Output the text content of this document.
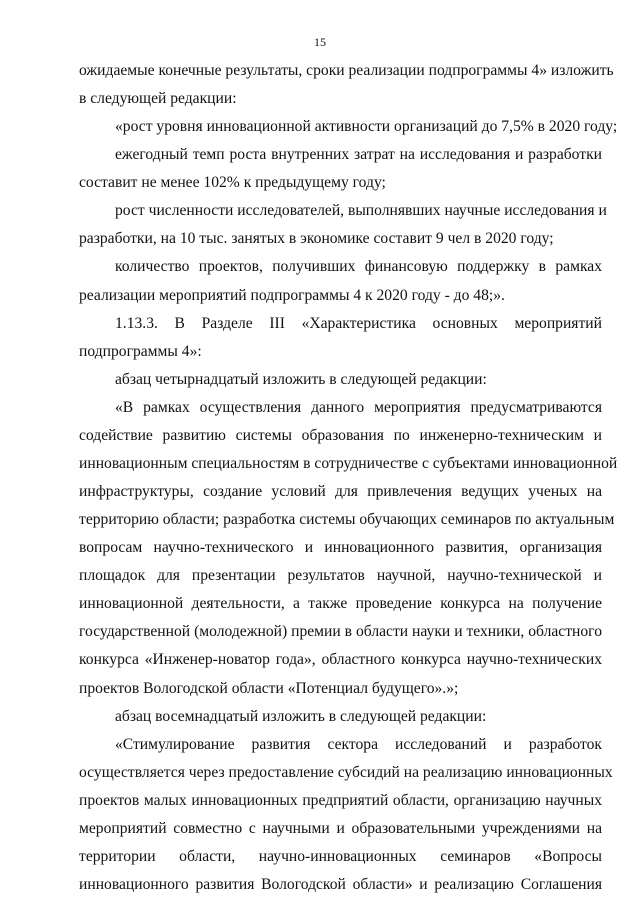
15
ожидаемые конечные результаты, сроки реализации подпрограммы 4» изложить
в следующей редакции:
«рост уровня инновационной активности организаций до 7,5% в 2020 году;
ежегодный темп роста внутренних затрат на исследования и разработки
составит не менее 102% к предыдущему году;
рост численности исследователей, выполнявших научные исследования и
разработки, на 10 тыс. занятых в экономике составит 9 чел в 2020 году;
количество проектов, получивших финансовую поддержку в рамках
реализации мероприятий подпрограммы 4 к 2020 году - до 48;».
1.13.3. В Разделе III «Характеристика основных мероприятий
подпрограммы 4»:
абзац четырнадцатый изложить в следующей редакции:
«В рамках осуществления данного мероприятия предусматриваются
содействие развитию системы образования по инженерно-техническим и
инновационным специальностям в сотрудничестве с субъектами инновационной
инфраструктуры, создание условий для привлечения ведущих ученых на
территорию области; разработка системы обучающих семинаров по актуальным
вопросам научно-технического и инновационного развития, организация
площадок для презентации результатов научной, научно-технической и
инновационной деятельности, а также проведение конкурса на получение
государственной (молодежной) премии в области науки и техники, областного
конкурса «Инженер-новатор года», областного конкурса научно-технических
проектов Вологодской области «Потенциал будущего».»;
абзац восемнадцатый изложить в следующей редакции:
«Стимулирование развития сектора исследований и разработок
осуществляется через предоставление субсидий на реализацию инновационных
проектов малых инновационных предприятий области, организацию научных
мероприятий совместно с научными и образовательными учреждениями на
территории области, научно-инновационных семинаров «Вопросы
инновационного развития Вологодской области» и реализацию Соглашения
